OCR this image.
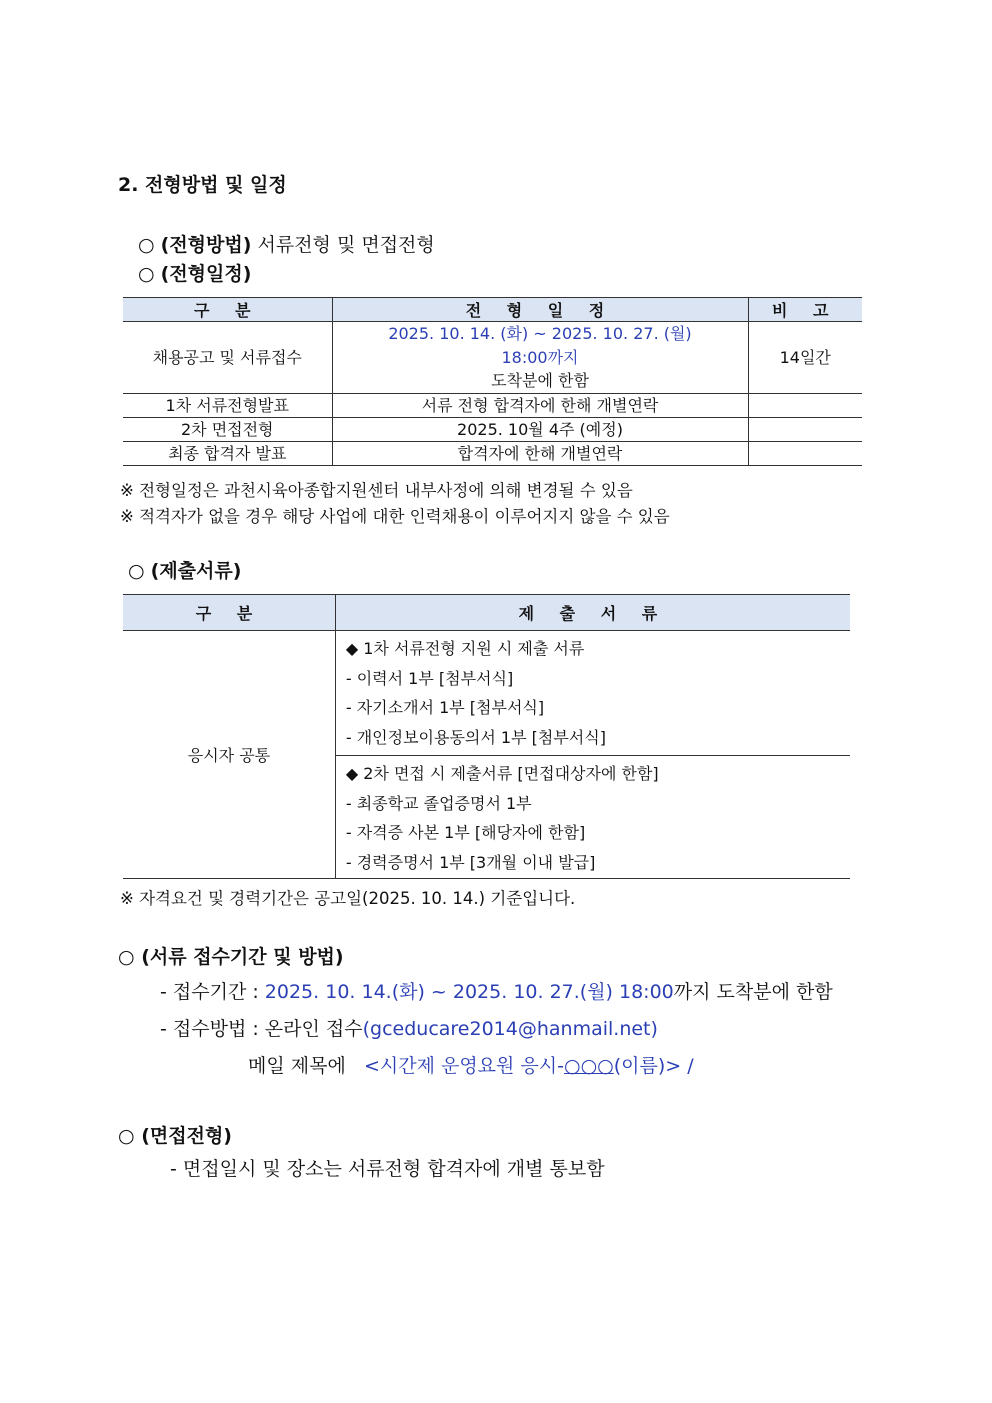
2. 전형방법 및 일정
○ (전형방법) 서류전형 및 면접전형
○ (전형일정)
구 분	전 형 일 정	비 고
채용공고 및 서류접수	2025. 10. 14. (화) ~ 2025. 10. 27. (월)
18:00까지
도착분에 한함	14일간
1차 서류전형발표	서류 전형 합격자에 한해 개별연락	
2차 면접전형	2025. 10월 4주 (예정)	
최종 합격자 발표	합격자에 한해 개별연락	
※ 전형일정은 과천시육아종합지원센터 내부사정에 의해 변경될 수 있음
※ 적격자가 없을 경우 해당 사업에 대한 인력채용이 이루어지지 않을 수 있음
○ (제출서류)
구 분	제 출 서 류
응시자 공통	◆ 1차 서류전형 지원 시 제출 서류
- 이력서 1부 [첨부서식]
- 자기소개서 1부 [첨부서식]
- 개인정보이용동의서 1부 [첨부서식]

	◆ 2차 면접 시 제출서류 [면접대상자에 한함]
- 최종학교 졸업증명서 1부
- 자격증 사본 1부 [해당자에 한함]
- 경력증명서 1부 [3개월 이내 발급]
※ 자격요건 및 경력기간은 공고일(2025. 10. 14.) 기준입니다.
○ (서류 접수기간 및 방법)
- 접수기간 : 2025. 10. 14.(화) ~ 2025. 10. 27.(월) 18:00까지 도착분에 한함
- 접수방법 : 온라인 접수(gceducare2014@hanmail.net)
메일 제목에 <시간제 운영요원 응시-○○○(이름)> /
○ (면접전형)
- 면접일시 및 장소는 서류전형 합격자에 개별 통보함
